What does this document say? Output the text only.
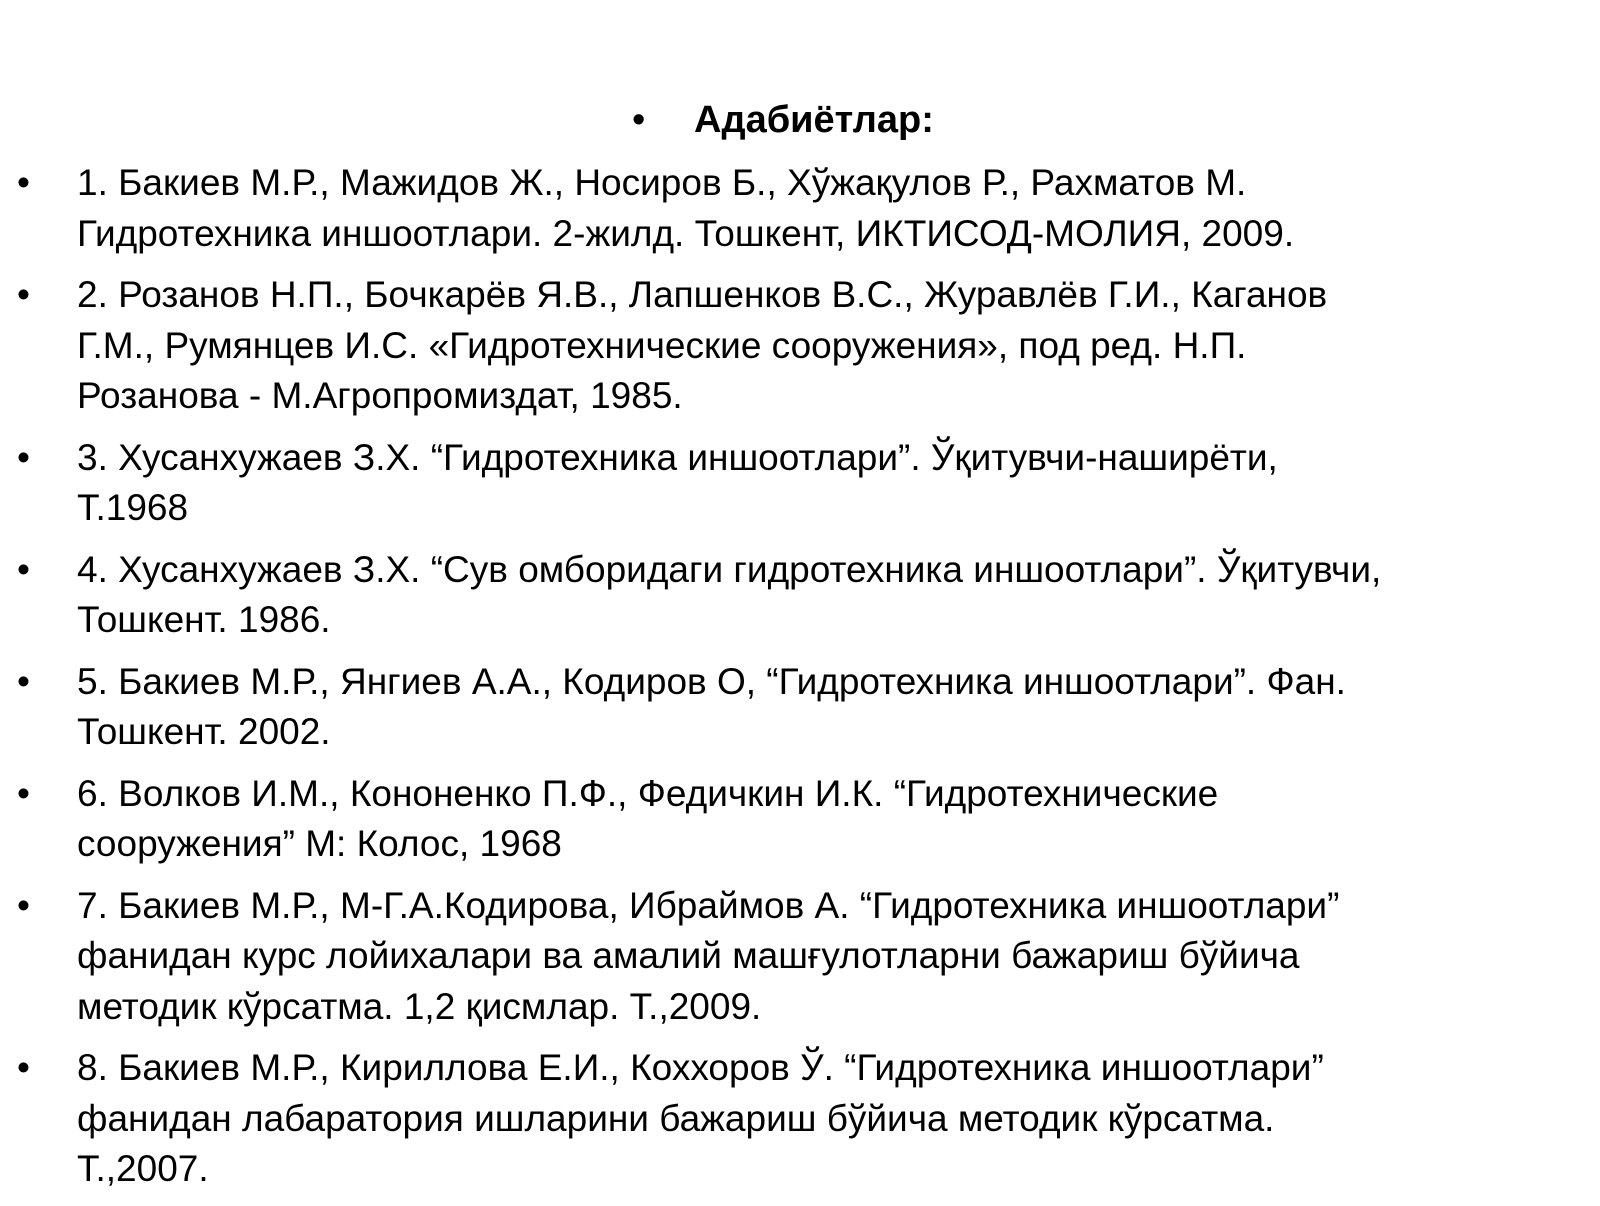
• Адабиётлар:
• 1. Бакиев М.Р., Мажидов Ж., Носиров Б., Хўжақулов Р., Рахматов М.
Гидротехника иншоотлари. 2-жилд. Тошкент, ИКТИСОД-МОЛИЯ, 2009.
• 2. Розанов Н.П., Бочкарёв Я.В., Лапшенков В.С., Журавлёв Г.И., Каганов
Г.М., Румянцев И.С. «Гидротехнические сооружения», под ред. Н.П.
Розанова - М.Агропромиздат, 1985.
• 3. Хусанхужаев З.Х. “Гидротехника иншоотлари”. Ўқитувчи-наширёти,
Т.1968
• 4. Хусанхужаев З.Х. “Сув омборидаги гидротехника иншоотлари”. Ўқитувчи,
Тошкент. 1986.
• 5. Бакиев М.Р., Янгиев А.А., Кодиров О, “Гидротехника иншоотлари”. Фан.
Тошкент. 2002.
• 6. Волков И.М., Кононенко П.Ф., Федичкин И.К. “Гидротехнические
сооружения” М: Колос, 1968
• 7. Бакиев М.Р., М-Г.А.Кодирова, Ибраймов А. “Гидротехника иншоотлари”
фанидан курс лойихалари ва амалий машғулотларни бажариш бўйича
методик кўрсатма. 1,2 қисмлар. Т.,2009.
• 8. Бакиев М.Р., Кириллова Е.И., Коххоров Ў. “Гидротехника иншоотлари”
фанидан лабаратория ишларини бажариш бўйича методик кўрсатма.
Т.,2007.
